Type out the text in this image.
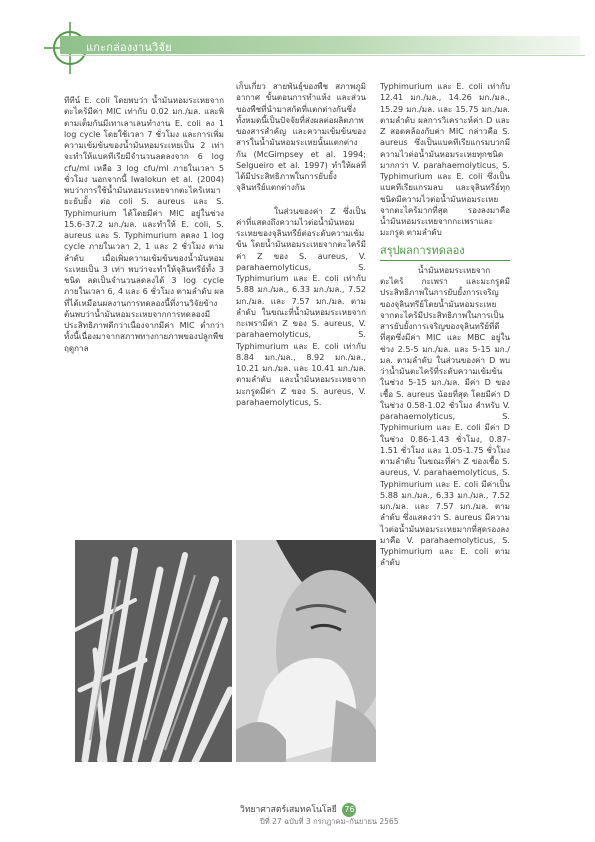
แกะกล่องงานวิจัย

ทีทีน์ E. coli โดยพบว่า น้ำมันหอมระเหยจากตะไคร้มีค่า MIC เท่ากับ 0.02 มก./มล. และพิตามเต็มกันมีเทาเลาเลนทำงาน E. coli ลง 1 log cycle โดยใช้เวลา 7 ชั่วโมง และการเพิ่มความเข้มข้นของน้ำมันหอมระเหยเป็น 2 เท่า จะทำให้แบคทีเรียมีจำนวนลดลงจาก 6 log cfu/ml เหลือ 3 log cfu/ml ภายในเวลา 5 ชั่วโมง นอกจากนี้ Iwalokun et al. (2004) พบว่าการใช้น้ำมันหอมระเหยจากตะไคร้เหมายะยับยั้ง ต่อ coli S. aureus และ S. Typhimurium ได้โดยมีค่า MIC อยู่ในช่วง 15.6-37.2 มก./มล. และทำให้ E. coli, S. aureus และ S. Typhimurium ลดลง 1 log cycle ภายในเวลา 2, 1 และ 2 ชั่วโมง ตามลำดับ เมื่อเพิ่มความเข้มข้นของน้ำมันหอมระเหยเป็น 3 เท่า พบว่าจะทำให้จุลินทรีย์ทั้ง 3 ชนิด ลดเป็นจำนวนลดลงได้ 3 log cycle ภายในเวลา 6, 4 และ 6 ชั่วโมง ตามลำดับ ผลที่ได้เหมือนผลงานการทดลองนี้ที่งานวิจัยข้างต้นพบว่าน้ำมันหอมระเหยจากการทดลองมีประสิทธิภาพดีกว่าเนื่องจากมีค่า MIC ต่ำกว่า ทั้งนี้เนื่องมาจากสภาพทางกายภาพของปลูกพืช ฤดูกาล

เก็บเกี่ยว สายพันธุ์ของพืช สภาพภูมิอากาศ ขั้นตอนการทำแห้ง และส่วนของพืชที่นำมาสกัดที่แตกต่างกันซึ่งทั้งหมดนี้เป็นปัจจัยที่ส่งผลต่อผลิตภาพของสารสำคัญ และความเข้มข้นของสารในน้ำมันหอมระเหยนั้นแตกต่างกัน (McGimpsey et al. 1994; Selgueiro et al. 1997) ทำให้ผลที่ได้มีประสิทธิภาพในการยับยั้งจุลินทรีย์แตกต่างกัน

ในส่วนของค่า Z ซึ่งเป็นค่าที่แสดงถึงความไวต่อน้ำมันหอมระเหยของจุลินทรีย์ต่อระดับความเข้มข้น โดยน้ำมันหอมระเหยจากตะไคร้มีค่า Z ของ S. aureus, V. parahaemolyticus, S. Typhimurium และ E. coli เท่ากับ 5.88 มก./มล., 6.33 มก./มล., 7.52 มก./มล. และ 7.57 มก./มล. ตามลำดับ ในขณะที่น้ำมันหอมระเหยจากกะเพรามีค่า Z ของ S. aureus, V. parahaemolyticus, S. Typhimurium และ E. coli เท่ากับ 8.84 มก./มล., 8.92 มก./มล., 10.21 มก./มล. และ 10.41 มก./มล. ตามลำดับ และน้ำมันหอมระเหยจากมะกรูดมีค่า Z ของ S. aureus, V. parahaemolyticus, S.

Typhimurium และ E. coli เท่ากับ 12.41 มก./มล., 14.26 มก./มล., 15.29 มก./มล. และ 15.75 มก./มล. ตามลำดับ ผลการวิเคราะห์ค่า D และ Z สอดคล้องกับค่า MIC กล่าวคือ S. aureus ซึ่งเป็นแบคทีเรียแกรมบวกมีความไวต่อน้ำมันหอมระเหยทุกชนิดมากกว่า V. parahaemolyticus, S. Typhimurium และ E. coli ซึ่งเป็นแบคทีเรียแกรมลบ และจุลินทรีย์ทุกชนิดมีความไวต่อน้ำมันหอมระเหยจากตะไคร้มากที่สุด รองลงมาคือน้ำมันหอมระเหยจากกะเพราและมะกรูด ตามลำดับ

สรุปผลการทดลอง

น้ำมันหอมระเหยจากตะไคร้ กะเพรา และมะกรูดมีประสิทธิภาพในการยับยั้งการเจริญของจุลินทรีย์โดยน้ำมันหอมระเหยจากตะไคร้มีประสิทธิภาพในการเป็นสารยับยั้งการเจริญของจุลินทรีย์ที่ดีที่สุดซึ่งมีค่า MIC และ MBC อยู่ในช่วง 2.5-5 มก./มล. และ 5-15 มก./มล. ตามลำดับ ในส่วนของค่า D พบว่าน้ำมันตะไคร้ที่ระดับความเข้มข้นในช่วง 5-15 มก./มล. มีค่า D ของเชื้อ S. aureus น้อยที่สุด โดยมีค่า D ในช่วง 0.58-1.02 ชั่วโมง สำหรับ V. parahaemolyticus, S. Typhimurium และ E. coli มีค่า D ในช่วง 0.86-1.43 ชั่วโมง, 0.87-1.51 ชั่วโมง และ 1.05-1.75 ชั่วโมง ตามลำดับ ในขณะที่ค่า Z ของเชื้อ S. aureus, V. parahaemolyticus, S. Typhimurium และ E. coli มีค่าเป็น 5.88 มก./มล., 6.33 มก./มล., 7.52 มก./มล. และ 7.57 มก./มล. ตามลำดับ ซึ่งแสดงว่า S. aureus มีความไวต่อน้ำมันหอมระเหยมากที่สุดรองลงมาคือ V. parahaemolyticus, S. Typhimurium และ E. coli ตามลำดับ

วิทยาศาสตร์เสมทคโนโลยี 76
ปีที่ 27 ฉบับที่ 3 กรกฎาคม–กันยายน 2565
